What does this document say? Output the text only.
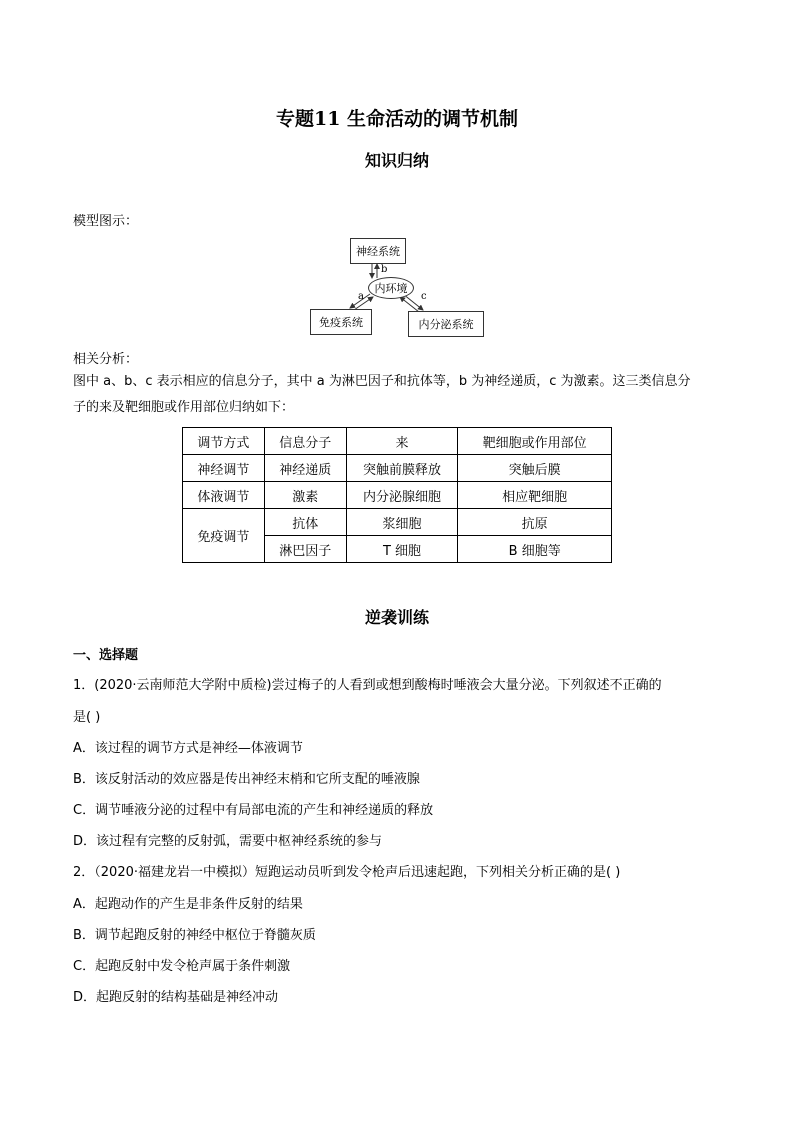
专题11 生命活动的调节机制
知识归纳
模型图示：
神经系统
b
内环境
a	c
免疫系统	内分泌系统
相关分析：
图中 a、b、c 表示相应的信息分子，其中 a 为淋巴因子和抗体等，b 为神经递质，c 为激素。这三类信息分
子的来及靶细胞或作用部位归纳如下：
调节方式	信息分子	来	靶细胞或作用部位
神经调节	神经递质	突触前膜释放	突触后膜
体液调节	激素	内分泌腺细胞	相应靶细胞
免疫调节	抗体	浆细胞	抗原
	淋巴因子	T 细胞	B 细胞等
逆袭训练
一、选择题
1．(2020·云南师范大学附中质检)尝过梅子的人看到或想到酸梅时唾液会大量分泌。下列叙述不正确的
是( )
A．该过程的调节方式是神经—体液调节
B．该反射活动的效应器是传出神经末梢和它所支配的唾液腺
C．调节唾液分泌的过程中有局部电流的产生和神经递质的释放
D．该过程有完整的反射弧，需要中枢神经系统的参与
2．（2020·福建龙岩一中模拟）短跑运动员听到发令枪声后迅速起跑，下列相关分析正确的是( )
A．起跑动作的产生是非条件反射的结果
B．调节起跑反射的神经中枢位于脊髓灰质
C．起跑反射中发令枪声属于条件刺激
D．起跑反射的结构基础是神经冲动
